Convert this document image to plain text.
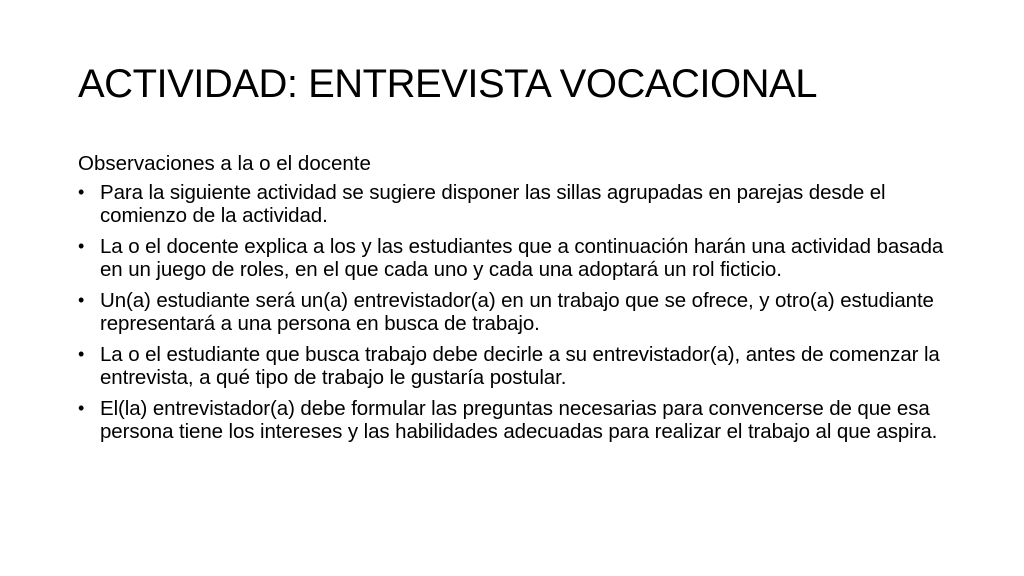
ACTIVIDAD: ENTREVISTA VOCACIONAL

Observaciones a la o el docente

• Para la siguiente actividad se sugiere disponer las sillas agrupadas en parejas desde el comienzo de la actividad.
• La o el docente explica a los y las estudiantes que a continuación harán una actividad basada en un juego de roles, en el que cada uno y cada una adoptará un rol ficticio.
• Un(a) estudiante será un(a) entrevistador(a) en un trabajo que se ofrece, y otro(a) estudiante representará a una persona en busca de trabajo.
• La o el estudiante que busca trabajo debe decirle a su entrevistador(a), antes de comenzar la entrevista, a qué tipo de trabajo le gustaría postular.
• El(la) entrevistador(a) debe formular las preguntas necesarias para convencerse de que esa persona tiene los intereses y las habilidades adecuadas para realizar el trabajo al que aspira.
